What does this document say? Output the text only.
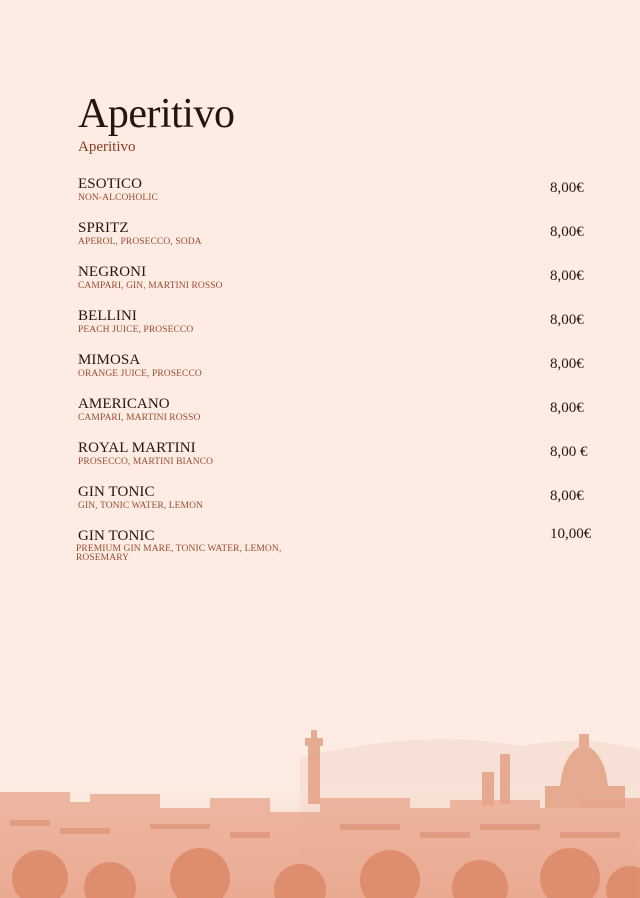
Aperitivo
Aperitivo
ESOTICO
NON-ALCOHOLIC
8,00€
SPRITZ
APEROL, PROSECCO, SODA
8,00€
NEGRONI
CAMPARI, GIN, MARTINI ROSSO
8,00€
BELLINI
PEACH JUICE, PROSECCO
8,00€
MIMOSA
ORANGE JUICE, PROSECCO
8,00€
AMERICANO
CAMPARI, MARTINI ROSSO
8,00€
ROYAL MARTINI
PROSECCO, MARTINI BIANCO
8,00 €
GIN TONIC
GIN, TONIC WATER, LEMON
8,00€
GIN TONIC
PREMIUM GIN MARE, TONIC WATER, LEMON, ROSEMARY
10,00€
